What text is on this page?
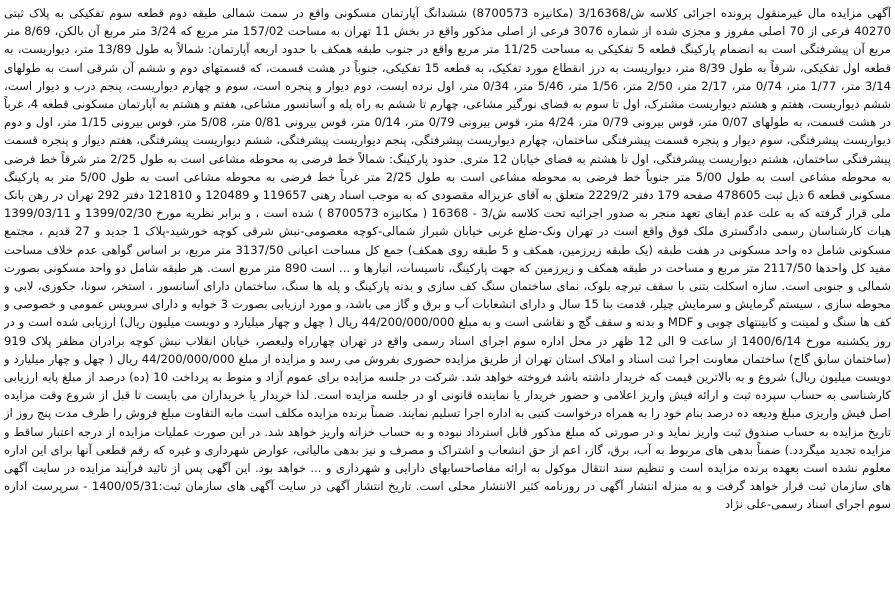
آگهی مزایده مال غیرمنقول پرونده اجرائی کلاسه ش/3/16368 (مکانیزه 8700573) ششدانگ آپارتمان مسکونی واقع در سمت شمالی طبقه دوم قطعه سوم تفکیکی به پلاک ثبتی 40270 فرعی از 70 اصلی مفروز و مجزی شده از شماره 3076 فرعی از اصلی مذکور واقع در بخش 11 تهران به مساحت 157/02 متر مربع که 3/24 متر مربع آن بالکن، 8/69 متر مربع آن پیشرفتگی است به انضمام پارکینگ قطعه 5 تفکیکی به مساحت 11/25 متر مربع واقع در جنوب طبقه همکف با حدود اربعه آپارتمان: شمالاً به طول 13/89 متر، دیواریست، به قطعه اول تفکیکی، شرقاً به طول 8/39 متر، دیواریست به درز انقطاع مورد تفکیک، به قطعه 15 تفکیکی، جنوباً در هشت قسمت، که قسمتهای دوم و ششم آن شرقی است به طولهای 3/14 متر، 1/77 متر، 0/74 متر، 2/17 متر، 2/50 متر، 1/56 متر، 5/46 متر، 0/34 متر، اول نرده ایست، دوم دیوار و پنجره است، سوم و چهارم دیواریست، پنجم درب و دیوار است، ششم دیواریست، هفتم و هشتم دیواریست مشترک، اول تا سوم به فضای نورگیر مشاعی، چهارم تا ششم به راه پله و آسانسور مشاعی، هفتم و هشتم به آپارتمان مسکونی قطعه 4، غرباً در هشت قسمت، به طولهای 0/07 متر، قوس بیرونی 0/79 متر، 4/24 متر، قوس بیرونی 0/79 متر، 0/14 متر، قوس بیرونی 0/81 متر، 5/08 متر، قوس بیرونی 1/15 متر، اول و دوم دیواریست پیشرفتگی، سوم دیوار و پنجره قسمت پیشرفتگی ساختمان، چهارم دیواریست پیشرفتگی، پنجم دیواریست پیشرفتگی، ششم دیواریست پیشرفتگی، هفتم دیوار و پنجره قسمت پیشرفتگی ساختمان، هشتم دیواریست پیشرفتگی، اول تا هشتم به فضای خیابان 12 متری. حدود پارکینگ: شمالاً خط فرضی به محوطه مشاعی است به طول 2/25 متر شرقاً خط فرضی به محوطه مشاعی است به طول 5/00 متر جنوباً خط فرضی به محوطه مشاعی است به طول 2/25 متر غرباً خط فرضی به محوطه مشاعی است به طول 5/00 متر به پارکینگ مسکونی قطعه 6 ذیل ثبت 478605 صفحه 179 دفتر 2229/2 متعلق به آقای عزیزاله مقصودی که به موجب اسناد رهنی 119657 و 120489 و 121810 دفتر 292 تهران در رهن بانک ملی قرار گرفته که به علت عدم ایفای تعهد منجر به صدور اجرائیه تحت کلاسه ش/3 - 16368 ( مکانیزه 8700573 ) شده است ، و برابر نظریه مورخ 1399/02/30 و 1399/03/11 هیات کارشناسان رسمی دادگستری ملک فوق واقع است در تهران ونک-ضلع غربی خیابان شیراز شمالی-کوچه معصومی-نبش شرقی کوچه خورشید-پلاک 1 جدید و 27 قدیم ، مجتمع مسکونی شامل ده واحد مسکونی در هفت طبقه (یک طبقه زیرزمین، همکف و 5 طبقه روی همکف) جمع کل مساحت اعیانی 3137/50 متر مربع، بر اساس گواهی عدم خلاف مساحت مفید کل واحدها 2117/50 متر مربع و مساحت در طبقه همکف و زیرزمین که جهت پارکینگ، تاسیسات، انبارها و ... است 890 متر مربع است. هر طبقه شامل دو واحد مسکونی بصورت شمالی و جنوبی است. سازه اسکلت بتنی با سقف تیرچه بلوک، نمای ساختمان سنگ کف سازی و بدنه پارکینگ و پله ها سنگ، ساختمان دارای آسانسور ، استخر، سونا، جکوزی، لابی و محوطه سازی ، سیستم گرمایش و سرمایش چیلر، قدمت بنا 15 سال و دارای انشعابات آب و برق و گاز می باشد، و مورد ارزیابی بصورت 3 خوابه و دارای سرویس عمومی و خصوصی و کف ها سنگ و لمینت و کابینتهای چوبی و MDF و بدنه و سقف گچ و نقاشی است و به مبلغ 44/200/000/000 ریال ( چهل و چهار میلیارد و دویست میلیون ریال) ارزیابی شده است و در روز یکشنبه مورخ 1400/6/14 از ساعت 9 الی 12 ظهر در محل اداره سوم اجرای اسناد رسمی واقع در تهران چهارراه ولیعصر، خیابان انقلاب نبش کوچه برادران مظفر پلاک 919 (ساختمان سابق گاج) ساختمان معاونت اجرا ثبت اسناد و املاک استان تهران از طریق مزایده حضوری بفروش می رسد و مزایده از مبلغ 44/200/000/000 ریال ( چهل و چهار میلیارد و دویست میلیون ریال) شروع و به بالاترین قیمت که خریدار داشته باشد فروخته خواهد شد. شرکت در جلسه مزایده برای عموم آزاد و منوط به پرداخت 10 (ده) درصد از مبلغ پایه ارزیابی کارشناسی به حساب سپرده ثبت و ارائه فیش واریز اعلامی و حضور خریدار یا نماینده قانونی او در جلسه مزایده است. لذا خریدار یا خریداران می بایست تا قبل از شروع وقت مزایده اصل فیش واریزی مبلغ ودیعه ده درصد بنام خود را به همراه درخواست کتبی به اداره اجرا تسلیم نمایند. ضمناً برنده مزایده مکلف است مابه التفاوت مبلغ فروش را ظرف مدت پنج روز از تاریخ مزایده به حساب صندوق ثبت واریز نماید و در صورتی که مبلغ مذکور قابل استرداد نبوده و به حساب خزانه واریز خواهد شد. در این صورت عملیات مزایده از درجه اعتبار ساقط و مزایده تجدید میگردد.) ضمناً بدهی های مربوط به آب، برق، گاز، اعم از حق انشعاب و اشتراک و مصرف و نیز بدهی مالیاتی، عوارض شهرداری و غیره که رقم قطعی آنها برای این اداره معلوم نشده است بعهده برنده مزایده است و تنظیم سند انتقال موکول به ارائه مفاصاحسابهای دارایی و شهرداری و ... خواهد بود. این آگهی پس از تائید فرآیند مزایده در سایت آگهی های سازمان ثبت قرار خواهد گرفت و به منزله انتشار آگهی در روزنامه کثیر الانتشار محلی است. تاریخ انتشار آگهی در سایت آگهی های سازمان ثبت:1400/05/31 - سرپرست اداره سوم اجرای اسناد رسمی-علی نژاد
